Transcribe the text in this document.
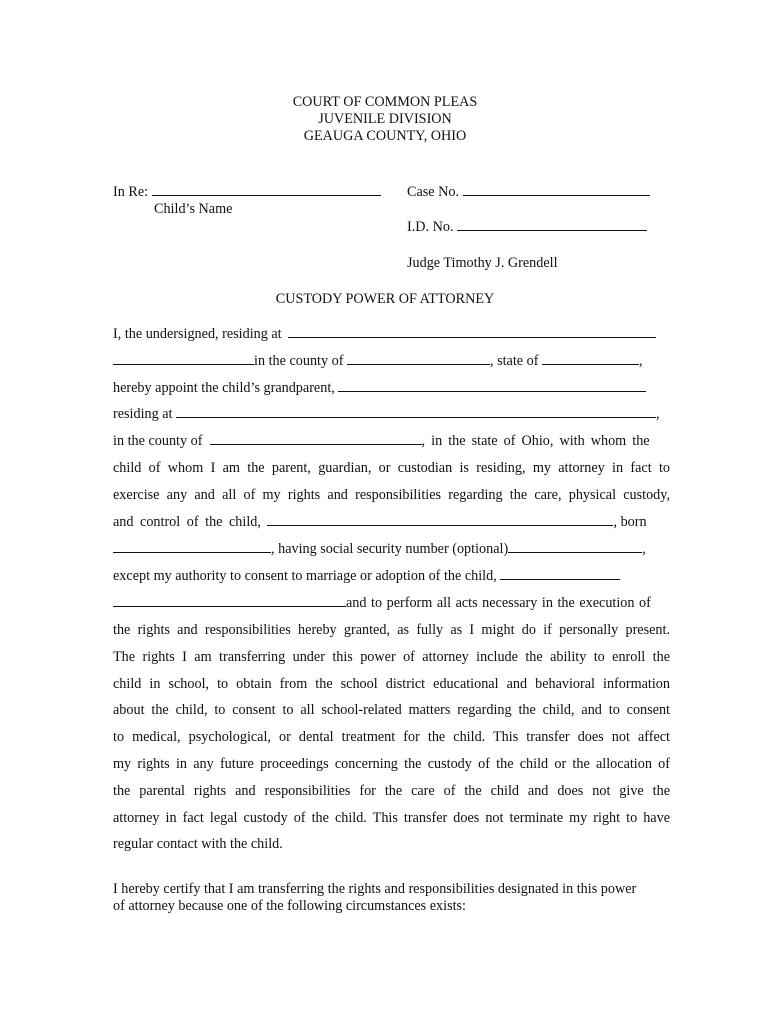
COURT OF COMMON PLEAS
JUVENILE DIVISION
GEAUGA COUNTY, OHIO
In Re:
Child’s Name
Case No.
I.D. No.
Judge Timothy J. Grendell
CUSTODY POWER OF ATTORNEY
I, the undersigned, residing at
in the county of	, state of	,
hereby appoint the child’s grandparent,
residing at	,
in the county of	, in the state of Ohio, with whom the
child of whom I am the parent, guardian, or custodian is residing, my attorney in fact to
exercise any and all of my rights and responsibilities regarding the care, physical custody,
and control of the child,	, born
, having social security number (optional)	,
except my authority to consent to marriage or adoption of the child,
and to perform all acts necessary in the execution of
the rights and responsibilities hereby granted, as fully as I might do if personally present.
The rights I am transferring under this power of attorney include the ability to enroll the
child in school, to obtain from the school district educational and behavioral information
about the child, to consent to all school-related matters regarding the child, and to consent
to medical, psychological, or dental treatment for the child. This transfer does not affect
my rights in any future proceedings concerning the custody of the child or the allocation of
the parental rights and responsibilities for the care of the child and does not give the
attorney in fact legal custody of the child. This transfer does not terminate my right to have
regular contact with the child.
I hereby certify that I am transferring the rights and responsibilities designated in this power
of attorney because one of the following circumstances exists:
